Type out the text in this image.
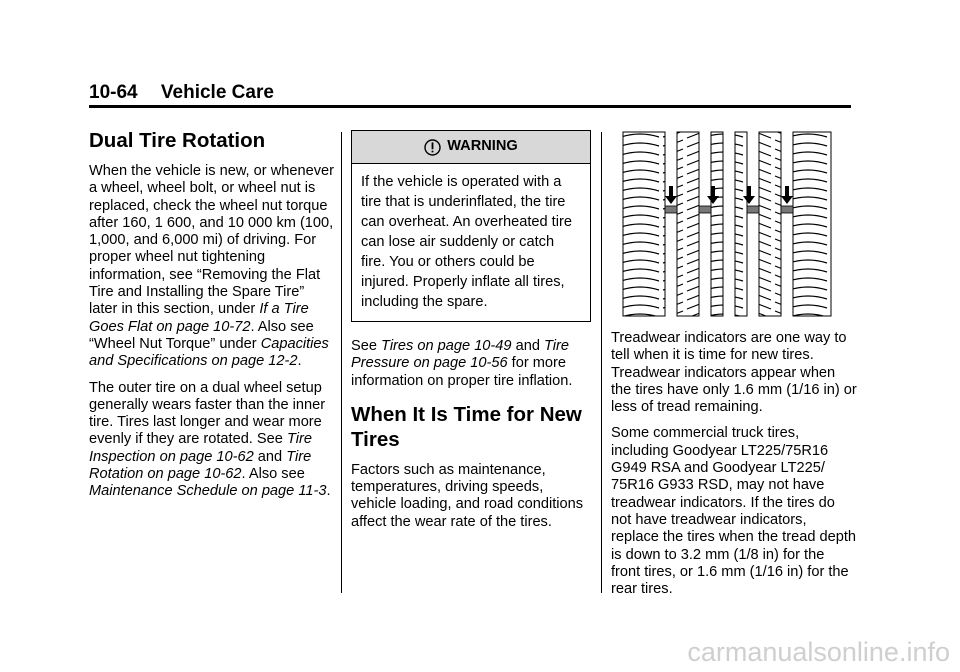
10-64 Vehicle Care
Dual Tire Rotation

When the vehicle is new, or whenever a wheel, wheel bolt, or wheel nut is replaced, check the wheel nut torque after 160, 1 600, and 10 000 km (100, 1,000, and 6,000 mi) of driving. For proper wheel nut tightening information, see “Removing the Flat Tire and Installing the Spare Tire” later in this section, under If a Tire Goes Flat on page 10-72. Also see “Wheel Nut Torque” under Capacities and Specifications on page 12-2.

The outer tire on a dual wheel setup generally wears faster than the inner tire. Tires last longer and wear more evenly if they are rotated. See Tire Inspection on page 10-62 and Tire Rotation on page 10-62. Also see Maintenance Schedule on page 11-3.

WARNING
If the vehicle is operated with a tire that is underinflated, the tire can overheat. An overheated tire can lose air suddenly or catch fire. You or others could be injured. Properly inflate all tires, including the spare.

See Tires on page 10-49 and Tire Pressure on page 10-56 for more information on proper tire inflation.

When It Is Time for New Tires

Factors such as maintenance, temperatures, driving speeds, vehicle loading, and road conditions affect the wear rate of the tires.

Treadwear indicators are one way to tell when it is time for new tires. Treadwear indicators appear when the tires have only 1.6 mm (1/16 in) or less of tread remaining.

Some commercial truck tires, including Goodyear LT225/75R16 G949 RSA and Goodyear LT225/ 75R16 G933 RSD, may not have treadwear indicators. If the tires do not have treadwear indicators, replace the tires when the tread depth is down to 3.2 mm (1/8 in) for the front tires, or 1.6 mm (1/16 in) for the rear tires.

carmanualsonline.info
